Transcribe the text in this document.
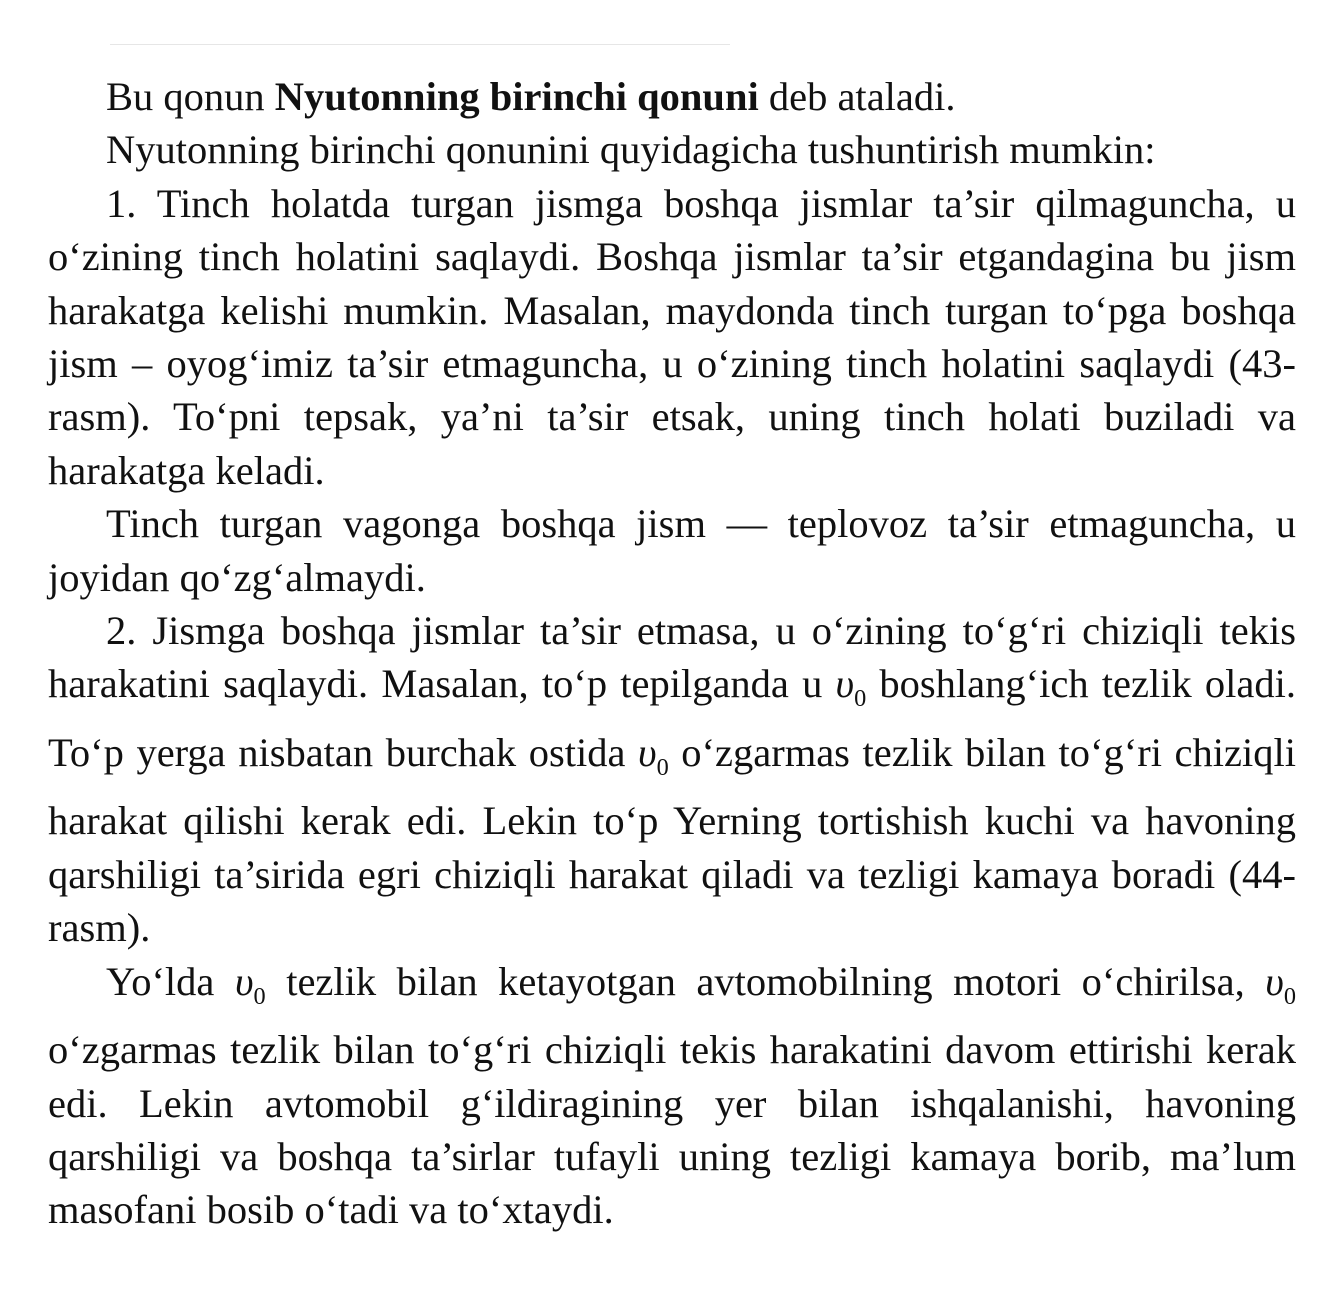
Bu qonun Nyutonning birinchi qonuni deb ataladi.

Nyutonning birinchi qonunini quyidagicha tushuntirish mumkin:

1. Tinch holatda turgan jismga boshqa jismlar ta’sir qilmaguncha, u o‘zining tinch holatini saqlaydi. Boshqa jismlar ta’sir etgandagina bu jism harakatga kelishi mumkin. Masalan, maydonda tinch turgan to‘pga boshqa jism – oyog‘imiz ta’sir etmaguncha, u o‘zining tinch holatini saqlaydi (43-rasm). To‘pni tepsak, ya’ni ta’sir etsak, uning tinch holati buziladi va harakatga keladi.

Tinch turgan vagonga boshqa jism — teplovoz ta’sir etmaguncha, u joyidan qo‘zg‘almaydi.

2. Jismga boshqa jismlar ta’sir etmasa, u o‘zining to‘g‘ri chiziqli tekis harakatini saqlaydi. Masalan, to‘p tepilganda u $\upsilon_0$ boshlang‘ich tezlik oladi. To‘p yerga nisbatan burchak ostida $\upsilon_0$ o‘zgarmas tezlik bilan to‘g‘ri chiziqli harakat qilishi kerak edi. Lekin to‘p Yerning tortishish kuchi va havoning qarshiligi ta’sirida egri chiziqli harakat qiladi va tezligi kamaya boradi (44-rasm).

Yo‘lda $\upsilon_0$ tezlik bilan ketayotgan avtomobilning motori o‘chirilsa, $\upsilon_0$ o‘zgarmas tezlik bilan to‘g‘ri chiziqli tekis harakatini davom ettirishi kerak edi. Lekin avtomobil g‘ildiragining yer bilan ishqalanishi, havoning qarshiligi va boshqa ta’sirlar tufayli uning tezligi kamaya borib, ma’lum masofani bosib o‘tadi va to‘xtaydi.
